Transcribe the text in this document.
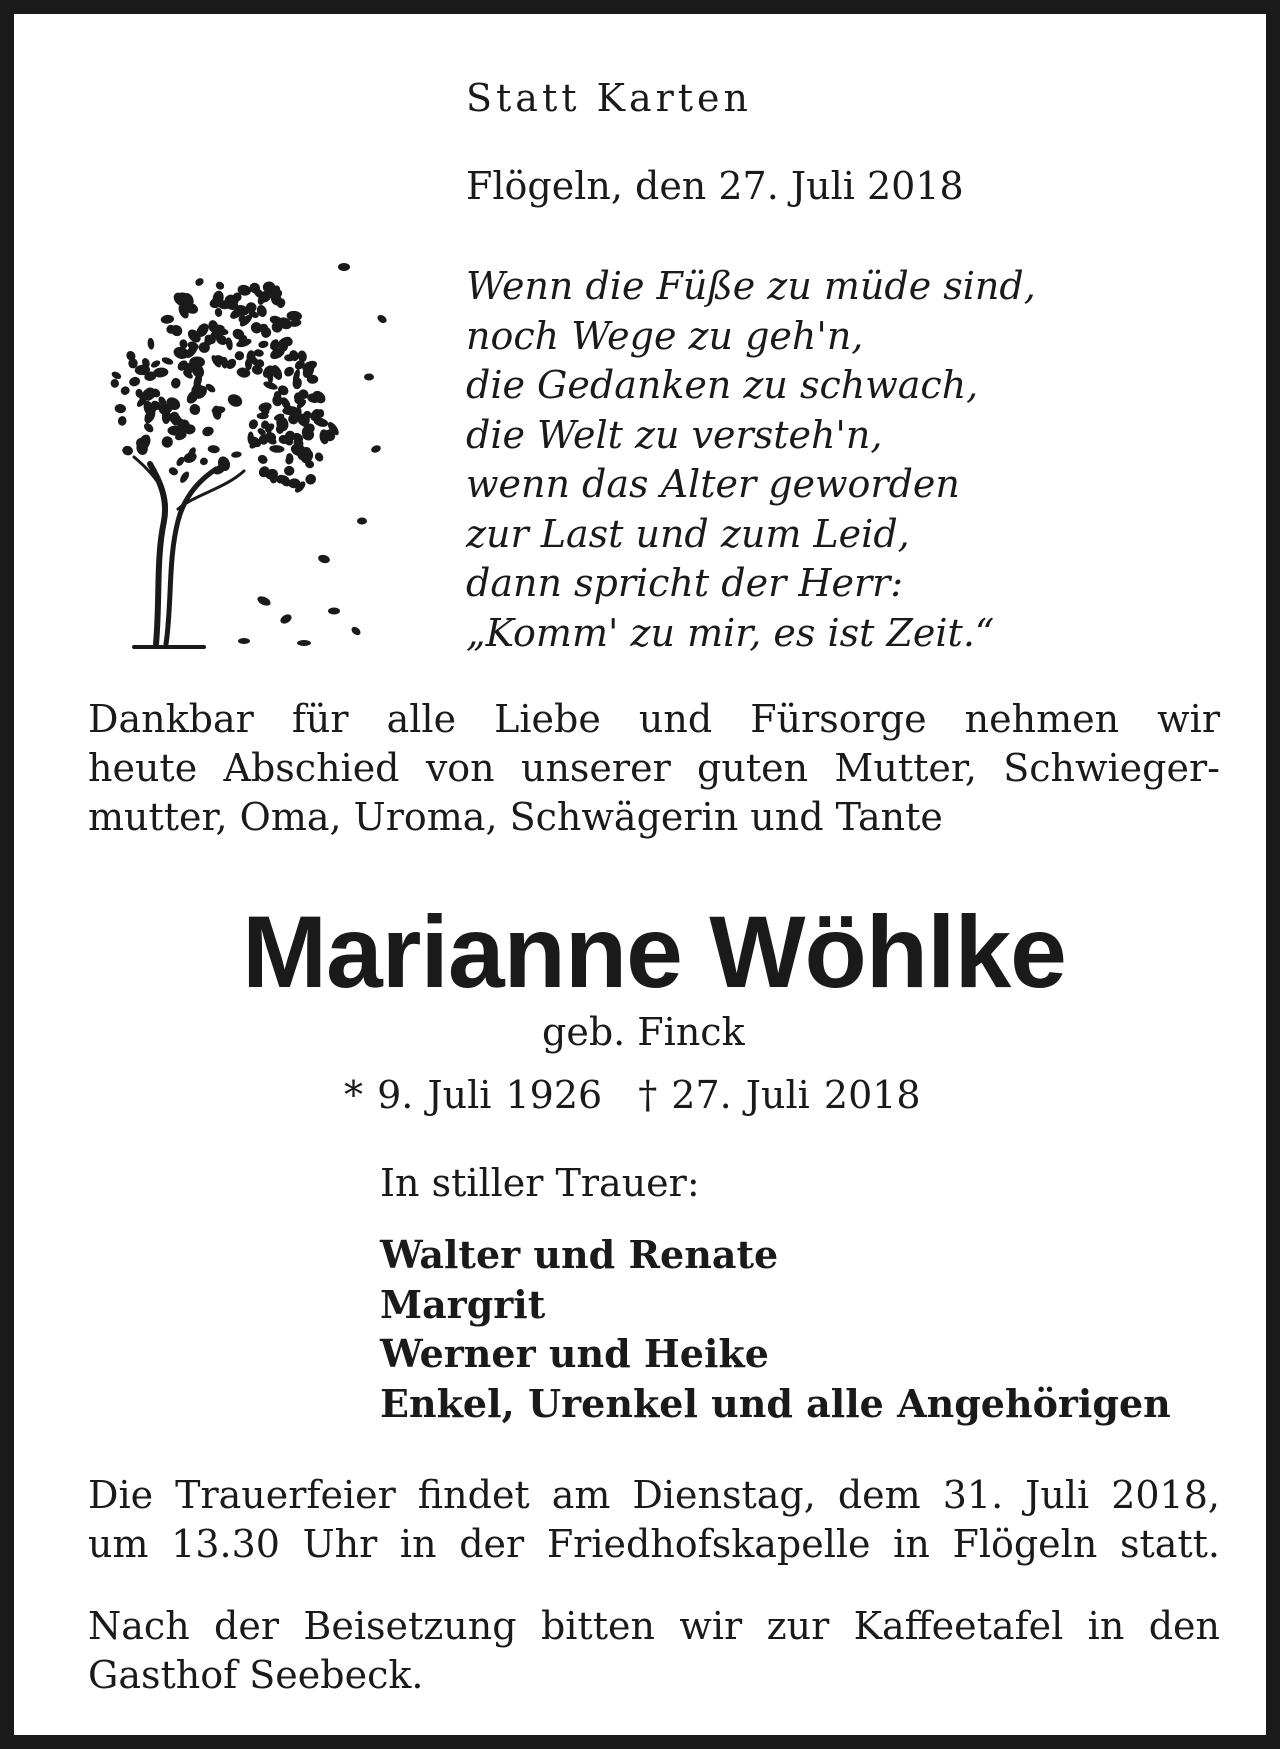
Statt Karten

Flögeln, den 27. Juli 2018

Wenn die Füße zu müde sind,
noch Wege zu geh'n,
die Gedanken zu schwach,
die Welt zu versteh'n,
wenn das Alter geworden
zur Last und zum Leid,
dann spricht der Herr:
„Komm' zu mir, es ist Zeit.“

Dankbar für alle Liebe und Fürsorge nehmen wir
heute Abschied von unserer guten Mutter, Schwieger-
mutter, Oma, Uroma, Schwägerin und Tante

Marianne Wöhlke

geb. Finck

* 9. Juli 1926 † 27. Juli 2018

In stiller Trauer:

Walter und Renate
Margrit
Werner und Heike
Enkel, Urenkel und alle Angehörigen

Die Trauerfeier findet am Dienstag, dem 31. Juli 2018,
um 13.30 Uhr in der Friedhofskapelle in Flögeln statt.

Nach der Beisetzung bitten wir zur Kaffeetafel in den
Gasthof Seebeck.
